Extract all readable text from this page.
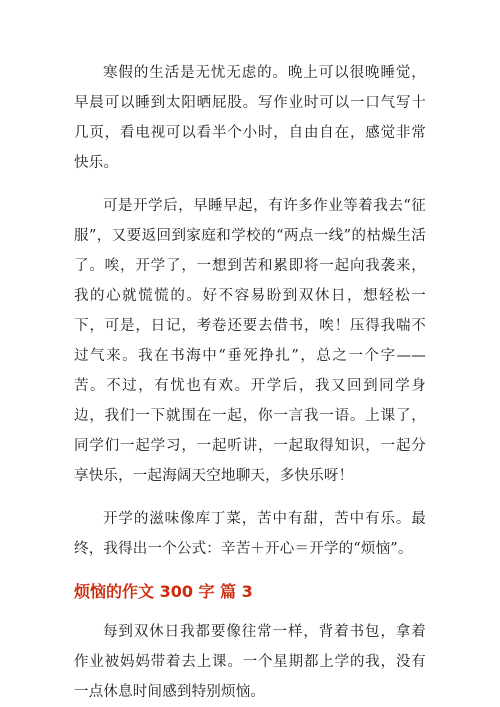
寒假的生活是无忧无虑的。晚上可以很晚睡觉，早晨可以睡到太阳晒屁股。写作业时可以一口气写十几页，看电视可以看半个小时，自由自在，感觉非常快乐。

可是开学后，早睡早起，有许多作业等着我去“征服”，又要返回到家庭和学校的“两点一线”的枯燥生活了。唉，开学了，一想到苦和累即将一起向我袭来，我的心就慌慌的。好不容易盼到双休日，想轻松一下，可是，日记，考卷还要去借书，唉！压得我喘不过气来。我在书海中“垂死挣扎”，总之一个字——苦。不过，有忧也有欢。开学后，我又回到同学身边，我们一下就围在一起，你一言我一语。上课了，同学们一起学习，一起听讲，一起取得知识，一起分享快乐，一起海阔天空地聊天，多快乐呀！

开学的滋味像库丁菜，苦中有甜，苦中有乐。最终，我得出一个公式：辛苦＋开心＝开学的“烦恼”。

烦恼的作文 300 字 篇 3

每到双休日我都要像往常一样，背着书包，拿着作业被妈妈带着去上课。一个星期都上学的我，没有一点休息时间感到特别烦恼。
